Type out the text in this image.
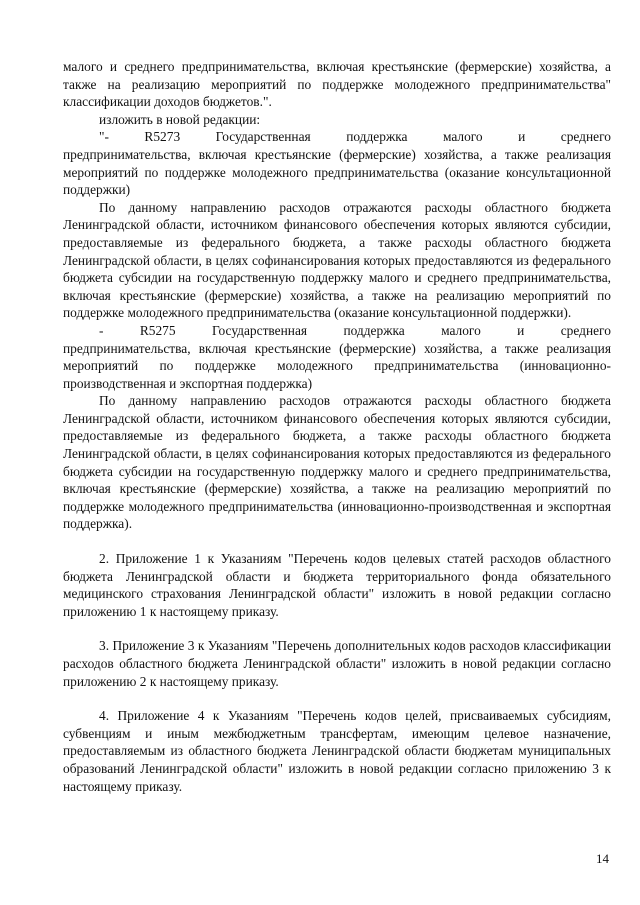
малого и среднего предпринимательства, включая крестьянские (фермерские) хозяйства, а также на реализацию мероприятий по поддержке молодежного предпринимательства" классификации доходов бюджетов.".

изложить в новой редакции:

"-	R5273	Государственная	поддержка	малого	и	среднего

предпринимательства, включая крестьянские (фермерские) хозяйства, а также реализация мероприятий по поддержке молодежного предпринимательства (оказание консультационной поддержки)

По данному направлению расходов отражаются расходы областного бюджета Ленинградской области, источником финансового обеспечения которых являются субсидии, предоставляемые из федерального бюджета, а также расходы областного бюджета Ленинградской области, в целях софинансирования которых предоставляются из федерального бюджета субсидии на государственную поддержку малого и среднего предпринимательства, включая крестьянские (фермерские) хозяйства, а также на реализацию мероприятий по поддержке молодежного предпринимательства (оказание консультационной поддержки).

-	R5275	Государственная	поддержка	малого	и	среднего

предпринимательства, включая крестьянские (фермерские) хозяйства, а также реализация мероприятий по поддержке молодежного предпринимательства (инновационно-производственная и экспортная поддержка)

По данному направлению расходов отражаются расходы областного бюджета Ленинградской области, источником финансового обеспечения которых являются субсидии, предоставляемые из федерального бюджета, а также расходы областного бюджета Ленинградской области, в целях софинансирования которых предоставляются из федерального бюджета субсидии на государственную поддержку малого и среднего предпринимательства, включая крестьянские (фермерские) хозяйства, а также на реализацию мероприятий по поддержке молодежного предпринимательства (инновационно-производственная и экспортная поддержка).

2. Приложение 1 к Указаниям "Перечень кодов целевых статей расходов областного бюджета Ленинградской области и бюджета территориального фонда обязательного медицинского страхования Ленинградской области" изложить в новой редакции согласно приложению 1 к настоящему приказу.

3. Приложение 3 к Указаниям "Перечень дополнительных кодов расходов классификации расходов областного бюджета Ленинградской области" изложить в новой редакции согласно приложению 2 к настоящему приказу.

4. Приложение 4 к Указаниям "Перечень кодов целей, присваиваемых субсидиям, субвенциям и иным межбюджетным трансфертам, имеющим целевое назначение, предоставляемым из областного бюджета Ленинградской области бюджетам муниципальных образований Ленинградской области" изложить в новой редакции согласно приложению 3 к настоящему приказу.

14
